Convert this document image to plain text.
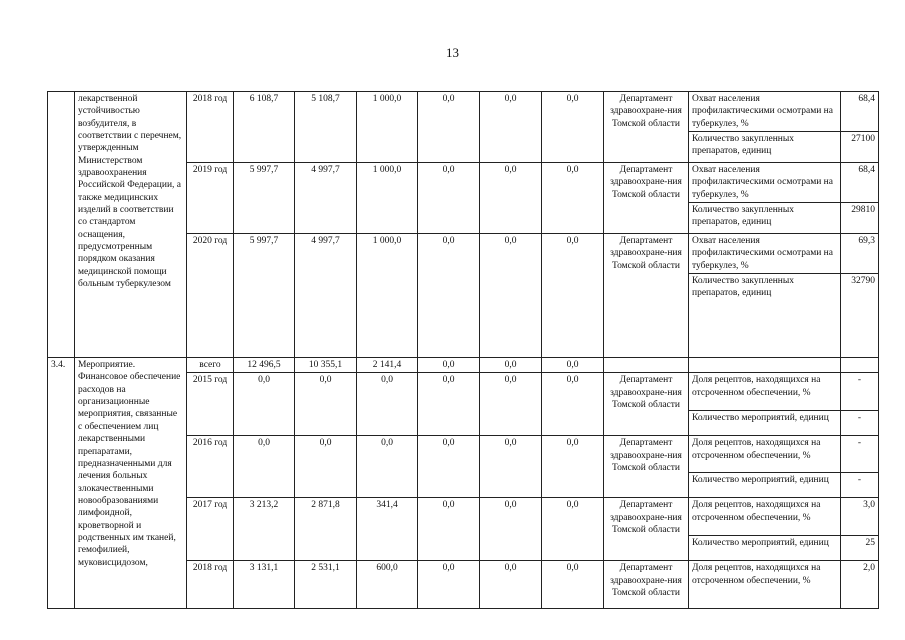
13
	лекарственной устойчивостью возбудителя, в соответствии с перечнем, утвержденным Министерством здравоохранения Российской Федерации, а также медицинских изделий в соответствии со стандартом оснащения, предусмотренным порядком оказания медицинской помощи больным туберкулезом	2018 год	6 108,7	5 108,7	1 000,0	0,0	0,0	0,0	Департамент здравоохране-ния Томской области	Охват населения профилактическими осмотрами на туберкулез, %	68,4
										Количество закупленных препаратов, единиц	27100
		2019 год	5 997,7	4 997,7	1 000,0	0,0	0,0	0,0	Департамент здравоохране-ния Томской области	Охват населения профилактическими осмотрами на туберкулез, %	68,4
										Количество закупленных препаратов, единиц	29810
		2020 год	5 997,7	4 997,7	1 000,0	0,0	0,0	0,0	Департамент здравоохране-ния Томской области	Охват населения профилактическими осмотрами на туберкулез, %	69,3
										Количество закупленных препаратов, единиц	32790
3.4.	Мероприятие. Финансовое обеспечение расходов на организационные мероприятия, связанные с обеспечением лиц лекарственными препаратами, предназначенными для лечения больных злокачественными новообразованиями лимфоидной, кроветворной и родственных им тканей, гемофилией, муковисцидозом,	всего	12 496,5	10 355,1	2 141,4	0,0	0,0	0,0			
		2015 год	0,0	0,0	0,0	0,0	0,0	0,0	Департамент здравоохране-ния Томской области	Доля рецептов, находящихся на отсроченном обеспечении, %	-
										Количество мероприятий, единиц	-
		2016 год	0,0	0,0	0,0	0,0	0,0	0,0	Департамент здравоохране-ния Томской области	Доля рецептов, находящихся на отсроченном обеспечении, %	-
										Количество мероприятий, единиц	-
		2017 год	3 213,2	2 871,8	341,4	0,0	0,0	0,0	Департамент здравоохране-ния Томской области	Доля рецептов, находящихся на отсроченном обеспечении, %	3,0
										Количество мероприятий, единиц	25
		2018 год	3 131,1	2 531,1	600,0	0,0	0,0	0,0	Департамент здравоохране-ния Томской области	Доля рецептов, находящихся на отсроченном обеспечении, %	2,0
